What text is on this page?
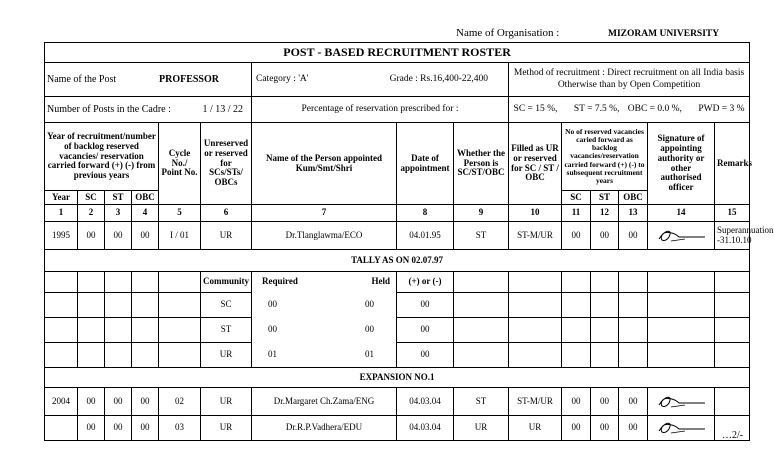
Name of Organisation :	MIZORAM UNIVERSITY
POST - BASED RECRUITMENT ROSTER														

Name of the Post PROFESSOR						Category : 'A' Grade : Rs.16,400-22,400			Method of recruitment : Direct recruitment on all India basis Otherwise than by Open Competition					

Number of Posts in the Cadre : 1 / 13 / 22						Percentage of reservation prescribed for :			SC = 15 %, ST = 7.5 %, OBC = 0.0 %, PWD = 3 %					
Year of recruitment/number of backlog reserved vacancies/ reservation carried forward (+) (-) from previous years				Cycle No./ Point No.	Unreserved or reserved for SCs/STs/ OBCs	Name of the Person appointed Kum/Smt/Shri	Date of appointment	Whether the Person is SC/ST/OBC	Filled as UR or reserved for SC / ST / OBC	No of reserved vacancies caried forward as backlog vacancies/reservation carried forward (+) (-) to subsequent recruitment years			Signature of appointing authority or other authorised officer	Remarks
Year	SC	ST	OBC							SC	ST	OBC		
1	2	3	4	5	6	7	8	9	10	11	12	13	14	15
1995	00	00	00	I / 01	UR	Dr.Tlanglawma/ECO	04.01.95	ST	ST-M/UR	00	00	00		Superannuation -31.10.10
TALLY AS ON 02.07.97														
					Community	Required Held	(+) or (-)							
					SC	00 00	00							
					ST	00 00	00							
					UR	01 01	00							
EXPANSION NO.1														
2004	00	00	00	02	UR	Dr.Margaret Ch.Zama/ENG	04.03.04	ST	ST-M/UR	00	00	00	

	00	00	00	03	UR	Dr.R.P.Vadhera/EDU	04.03.04	UR	UR	00	00	00	

…2/-
